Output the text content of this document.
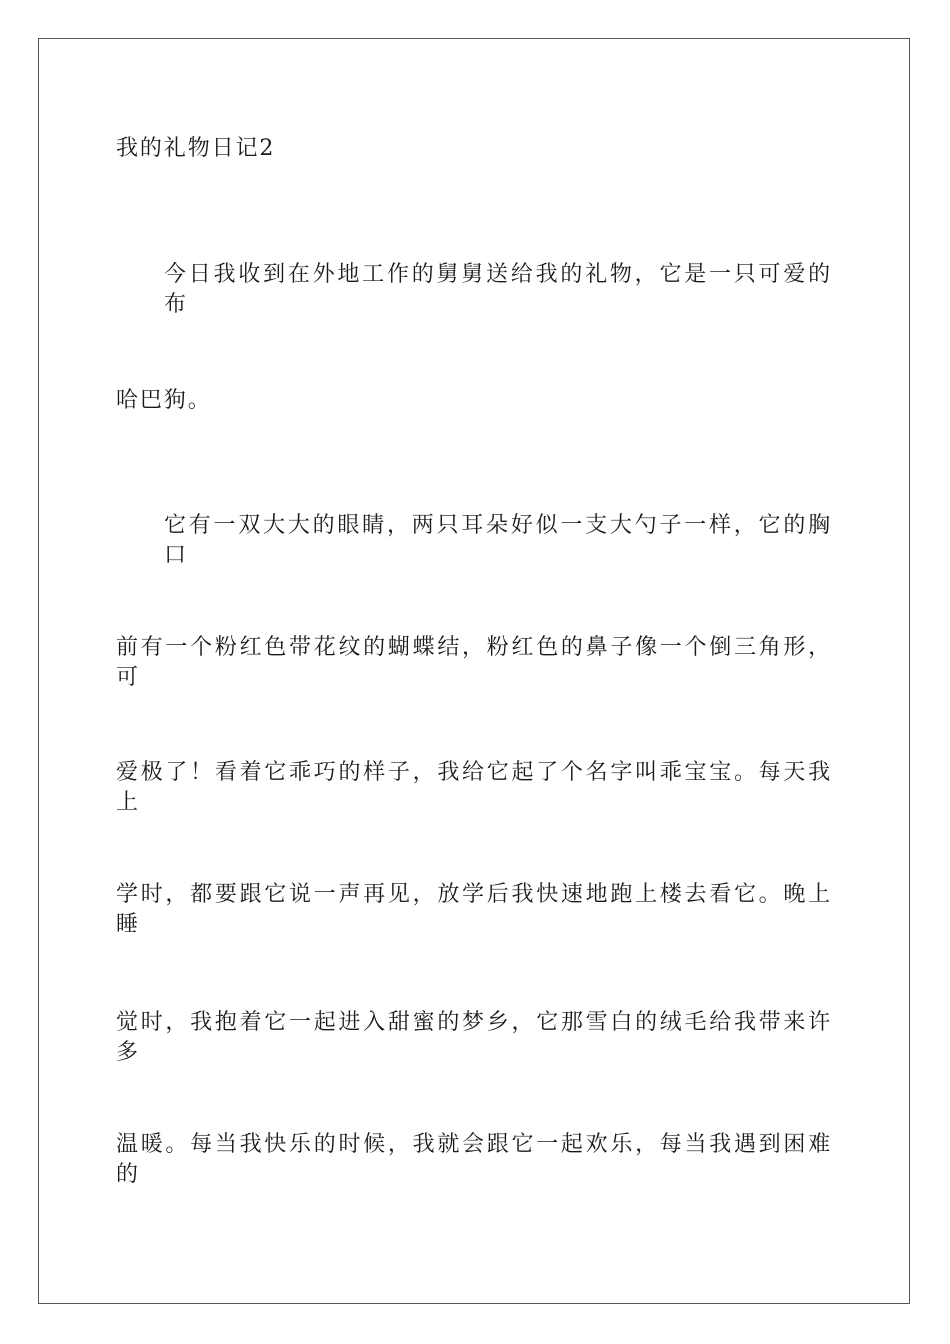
我的礼物日记2
今日我收到在外地工作的舅舅送给我的礼物，它是一只可爱的布
哈巴狗。
它有一双大大的眼睛，两只耳朵好似一支大勺子一样，它的胸口
前有一个粉红色带花纹的蝴蝶结，粉红色的鼻子像一个倒三角形，可
爱极了！看着它乖巧的样子，我给它起了个名字叫乖宝宝。每天我上
学时，都要跟它说一声再见，放学后我快速地跑上楼去看它。晚上睡
觉时，我抱着它一起进入甜蜜的梦乡，它那雪白的绒毛给我带来许多
温暖。每当我快乐的时候，我就会跟它一起欢乐，每当我遇到困难的
